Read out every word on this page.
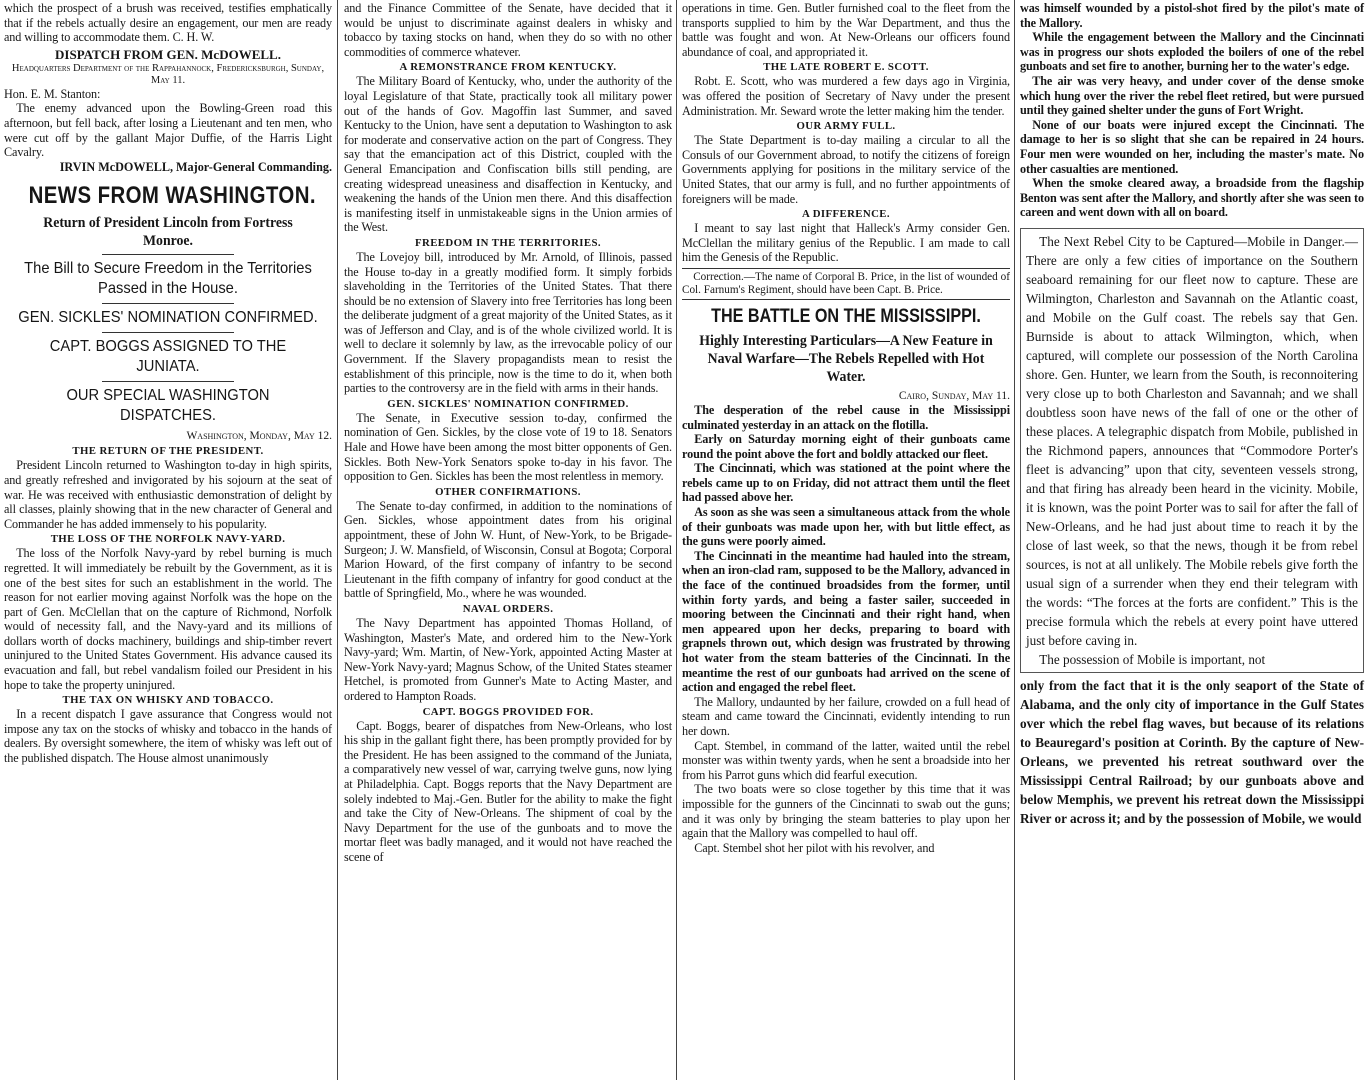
which the prospect of a brush was received, testifies emphatically that if the rebels actually desire an engagement, our men are ready and willing to accommodate them. C. H. W.
DISPATCH FROM GEN. McDOWELL.
Headquarters Department of the Rappahannock, Fredericksburgh, Sunday, May 11.
Hon. E. M. Stanton:
The enemy advanced upon the Bowling-Green road this afternoon, but fell back, after losing a Lieutenant and ten men, who were cut off by the gallant Major Duffie, of the Harris Light Cavalry.
IRVIN McDOWELL, Major-General Commanding.
NEWS FROM WASHINGTON.
Return of President Lincoln from Fortress Monroe.
The Bill to Secure Freedom in the Territories Passed in the House.
GEN. SICKLES' NOMINATION CONFIRMED.
CAPT. BOGGS ASSIGNED TO THE JUNIATA.
OUR SPECIAL WASHINGTON DISPATCHES.
Washington, Monday, May 12.
THE RETURN OF THE PRESIDENT.
President Lincoln returned to Washington to-day in high spirits, and greatly refreshed and invigorated by his sojourn at the seat of war. He was received with enthusiastic demonstration of delight by all classes, plainly showing that in the new character of General and Commander he has added immensely to his popularity.
THE LOSS OF THE NORFOLK NAVY-YARD.
The loss of the Norfolk Navy-yard by rebel burning is much regretted. It will immediately be rebuilt by the Government, as it is one of the best sites for such an establishment in the world. The reason for not earlier moving against Norfolk was the hope on the part of Gen. McClellan that on the capture of Richmond, Norfolk would of necessity fall, and the Navy-yard and its millions of dollars worth of docks machinery, buildings and ship-timber revert uninjured to the United States Government. His advance caused its evacuation and fall, but rebel vandalism foiled our President in his hope to take the property uninjured.
THE TAX ON WHISKY AND TOBACCO.
In a recent dispatch I gave assurance that Congress would not impose any tax on the stocks of whisky and tobacco in the hands of dealers. By oversight somewhere, the item of whisky was left out of the published dispatch. The House almost unanimously
and the Finance Committee of the Senate, have decided that it would be unjust to discriminate against dealers in whisky and tobacco by taxing stocks on hand, when they do so with no other commodities of commerce whatever.
A REMONSTRANCE FROM KENTUCKY.
The Military Board of Kentucky, who, under the authority of the loyal Legislature of that State, practically took all military power out of the hands of Gov. Magoffin last Summer, and saved Kentucky to the Union, have sent a deputation to Washington to ask for moderate and conservative action on the part of Congress. They say that the emancipation act of this District, coupled with the General Emancipation and Confiscation bills still pending, are creating widespread uneasiness and disaffection in Kentucky, and weakening the hands of the Union men there. And this disaffection is manifesting itself in unmistakeable signs in the Union armies of the West.
FREEDOM IN THE TERRITORIES.
The Lovejoy bill, introduced by Mr. Arnold, of Illinois, passed the House to-day in a greatly modified form. It simply forbids slaveholding in the Territories of the United States. That there should be no extension of Slavery into free Territories has long been the deliberate judgment of a great majority of the United States, as it was of Jefferson and Clay, and is of the whole civilized world. It is well to declare it solemnly by law, as the irrevocable policy of our Government. If the Slavery propagandists mean to resist the establishment of this principle, now is the time to do it, when both parties to the controversy are in the field with arms in their hands.
GEN. SICKLES' NOMINATION CONFIRMED.
The Senate, in Executive session to-day, confirmed the nomination of Gen. Sickles, by the close vote of 19 to 18. Senators Hale and Howe have been among the most bitter opponents of Gen. Sickles. Both New-York Senators spoke to-day in his favor. The opposition to Gen. Sickles has been the most relentless in memory.
OTHER CONFIRMATIONS.
The Senate to-day confirmed, in addition to the nominations of Gen. Sickles, whose appointment dates from his original appointment, these of John W. Hunt, of New-York, to be Brigade-Surgeon; J. W. Mansfield, of Wisconsin, Consul at Bogota; Corporal Marion Howard, of the first company of infantry to be second Lieutenant in the fifth company of infantry for good conduct at the battle of Springfield, Mo., where he was wounded.
NAVAL ORDERS.
The Navy Department has appointed Thomas Holland, of Washington, Master's Mate, and ordered him to the New-York Navy-yard; Wm. Martin, of New-York, appointed Acting Master at New-York Navy-yard; Magnus Schow, of the United States steamer Hetchel, is promoted from Gunner's Mate to Acting Master, and ordered to Hampton Roads.
CAPT. BOGGS PROVIDED FOR.
Capt. Boggs, bearer of dispatches from New-Orleans, who lost his ship in the gallant fight there, has been promptly provided for by the President. He has been assigned to the command of the Juniata, a comparatively new vessel of war, carrying twelve guns, now lying at Philadelphia. Capt. Boggs reports that the Navy Department are solely indebted to Maj.-Gen. Butler for the ability to make the fight and take the City of New-Orleans. The shipment of coal by the Navy Department for the use of the gunboats and to move the mortar fleet was badly managed, and it would not have reached the scene of
operations in time. Gen. Butler furnished coal to the fleet from the transports supplied to him by the War Department, and thus the battle was fought and won. At New-Orleans our officers found abundance of coal, and appropriated it.
THE LATE ROBERT E. SCOTT.
Robt. E. Scott, who was murdered a few days ago in Virginia, was offered the position of Secretary of Navy under the present Administration. Mr. Seward wrote the letter making him the tender.
OUR ARMY FULL.
The State Department is to-day mailing a circular to all the Consuls of our Government abroad, to notify the citizens of foreign Governments applying for positions in the military service of the United States, that our army is full, and no further appointments of foreigners will be made.
A DIFFERENCE.
I meant to say last night that Halleck's Army consider Gen. McClellan the military genius of the Republic. I am made to call him the Genesis of the Republic.
Correction.—The name of Corporal B. Price, in the list of wounded of Col. Farnum's Regiment, should have been Capt. B. Price.
THE BATTLE ON THE MISSISSIPPI.
Highly Interesting Particulars—A New Feature in Naval Warfare—The Rebels Repelled with Hot Water.
Cairo, Sunday, May 11.
The desperation of the rebel cause in the Mississippi culminated yesterday in an attack on the flotilla.
Early on Saturday morning eight of their gunboats came round the point above the fort and boldly attacked our fleet.
The Cincinnati, which was stationed at the point where the rebels came up to on Friday, did not attract them until the fleet had passed above her.
As soon as she was seen a simultaneous attack from the whole of their gunboats was made upon her, with but little effect, as the guns were poorly aimed.
The Cincinnati in the meantime had hauled into the stream, when an iron-clad ram, supposed to be the Mallory, advanced in the face of the continued broadsides from the former, until within forty yards, and being a faster sailer, succeeded in mooring between the Cincinnati and their right hand, when men appeared upon her decks, preparing to board with grapnels thrown out, which design was frustrated by throwing hot water from the steam batteries of the Cincinnati. In the meantime the rest of our gunboats had arrived on the scene of action and engaged the rebel fleet.
The Mallory, undaunted by her failure, crowded on a full head of steam and came toward the Cincinnati, evidently intending to run her down.
Capt. Stembel, in command of the latter, waited until the rebel monster was within twenty yards, when he sent a broadside into her from his Parrot guns which did fearful execution.
The two boats were so close together by this time that it was impossible for the gunners of the Cincinnati to swab out the guns; and it was only by bringing the steam batteries to play upon her again that the Mallory was compelled to haul off.
Capt. Stembel shot her pilot with his revolver, and
was himself wounded by a pistol-shot fired by the pilot's mate of the Mallory.
While the engagement between the Mallory and the Cincinnati was in progress our shots exploded the boilers of one of the rebel gunboats and set fire to another, burning her to the water's edge.
The air was very heavy, and under cover of the dense smoke which hung over the river the rebel fleet retired, but were pursued until they gained shelter under the guns of Fort Wright.
None of our boats were injured except the Cincinnati. The damage to her is so slight that she can be repaired in 24 hours. Four men were wounded on her, including the master's mate. No other casualties are mentioned.
When the smoke cleared away, a broadside from the flagship Benton was sent after the Mallory, and shortly after she was seen to careen and went down with all on board.
The Next Rebel City to be Captured—Mobile in Danger.—There are only a few cities of importance on the Southern seaboard remaining for our fleet now to capture. These are Wilmington, Charleston and Savannah on the Atlantic coast, and Mobile on the Gulf coast. The rebels say that Gen. Burnside is about to attack Wilmington, which, when captured, will complete our possession of the North Carolina shore. Gen. Hunter, we learn from the South, is reconnoitering very close up to both Charleston and Savannah; and we shall doubtless soon have news of the fall of one or the other of these places. A telegraphic dispatch from Mobile, published in the Richmond papers, announces that “Commodore Porter's fleet is advancing” upon that city, seventeen vessels strong, and that firing has already been heard in the vicinity. Mobile, it is known, was the point Porter was to sail for after the fall of New-Orleans, and he had just about time to reach it by the close of last week, so that the news, though it be from rebel sources, is not at all unlikely. The Mobile rebels give forth the usual sign of a surrender when they end their telegram with the words: “The forces at the forts are confident.” This is the precise formula which the rebels at every point have uttered just before caving in.
 The possession of Mobile is important, not
only from the fact that it is the only seaport of the State of Alabama, and the only city of importance in the Gulf States over which the rebel flag waves, but because of its relations to Beauregard's position at Corinth. By the capture of New-Orleans, we prevented his retreat southward over the Mississippi Central Railroad; by our gunboats above and below Memphis, we prevent his retreat down the Mississippi River or across it; and by the possession of Mobile, we would
